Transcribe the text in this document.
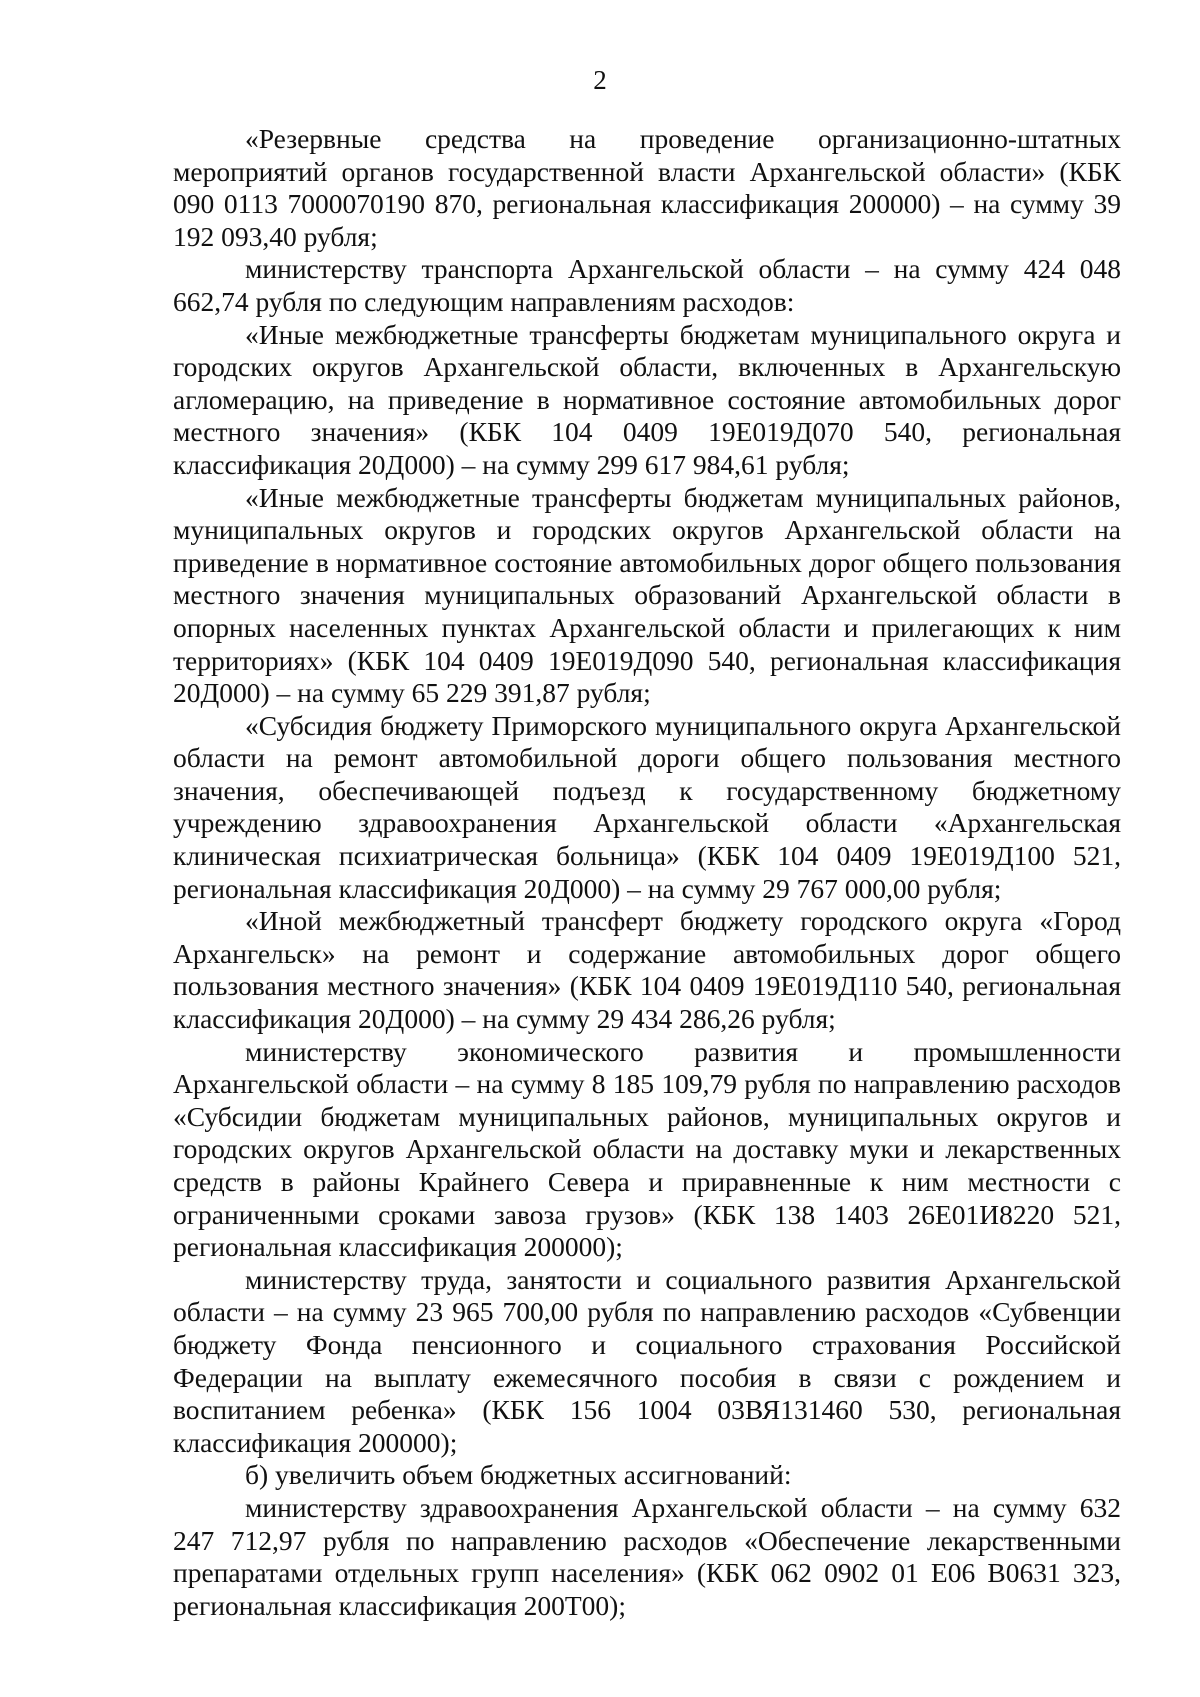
2

«Резервные средства на проведение организационно-штатных мероприятий органов государственной власти Архангельской области» (КБК 090 0113 7000070190 870, региональная классификация 200000) – на сумму 39 192 093,40 рубля;

министерству транспорта Архангельской области – на сумму 424 048 662,74 рубля по следующим направлениям расходов:

«Иные межбюджетные трансферты бюджетам муниципального округа и городских округов Архангельской области, включенных в Архангельскую агломерацию, на приведение в нормативное состояние автомобильных дорог местного значения» (КБК 104 0409 19Е019Д070 540, региональная классификация 20Д000) – на сумму 299 617 984,61 рубля;

«Иные межбюджетные трансферты бюджетам муниципальных районов, муниципальных округов и городских округов Архангельской области на приведение в нормативное состояние автомобильных дорог общего пользования местного значения муниципальных образований Архангельской области в опорных населенных пунктах Архангельской области и прилегающих к ним территориях» (КБК 104 0409 19Е019Д090 540, региональная классификация 20Д000) – на сумму 65 229 391,87 рубля;

«Субсидия бюджету Приморского муниципального округа Архангельской области на ремонт автомобильной дороги общего пользования местного значения, обеспечивающей подъезд к государственному бюджетному учреждению здравоохранения Архангельской области «Архангельская клиническая психиатрическая больница» (КБК 104 0409 19Е019Д100 521, региональная классификация 20Д000) – на сумму 29 767 000,00 рубля;

«Иной межбюджетный трансферт бюджету городского округа «Город Архангельск» на ремонт и содержание автомобильных дорог общего пользования местного значения» (КБК 104 0409 19Е019Д110 540, региональная классификация 20Д000) – на сумму 29 434 286,26 рубля;

министерству экономического развития и промышленности Архангельской области – на сумму 8 185 109,79 рубля по направлению расходов «Субсидии бюджетам муниципальных районов, муниципальных округов и городских округов Архангельской области на доставку муки и лекарственных средств в районы Крайнего Севера и приравненные к ним местности с ограниченными сроками завоза грузов» (КБК 138 1403 26Е01И8220 521, региональная классификация 200000);

министерству труда, занятости и социального развития Архангельской области – на сумму 23 965 700,00 рубля по направлению расходов «Субвенции бюджету Фонда пенсионного и социального страхования Российской Федерации на выплату ежемесячного пособия в связи с рождением и воспитанием ребенка» (КБК 156 1004 03ВЯ131460 530, региональная классификация 200000);

б) увеличить объем бюджетных ассигнований:

министерству здравоохранения Архангельской области – на сумму 632 247 712,97 рубля по направлению расходов «Обеспечение лекарственными препаратами отдельных групп населения» (КБК 062 0902 01 Е06 В0631 323, региональная классификация 200Т00);
